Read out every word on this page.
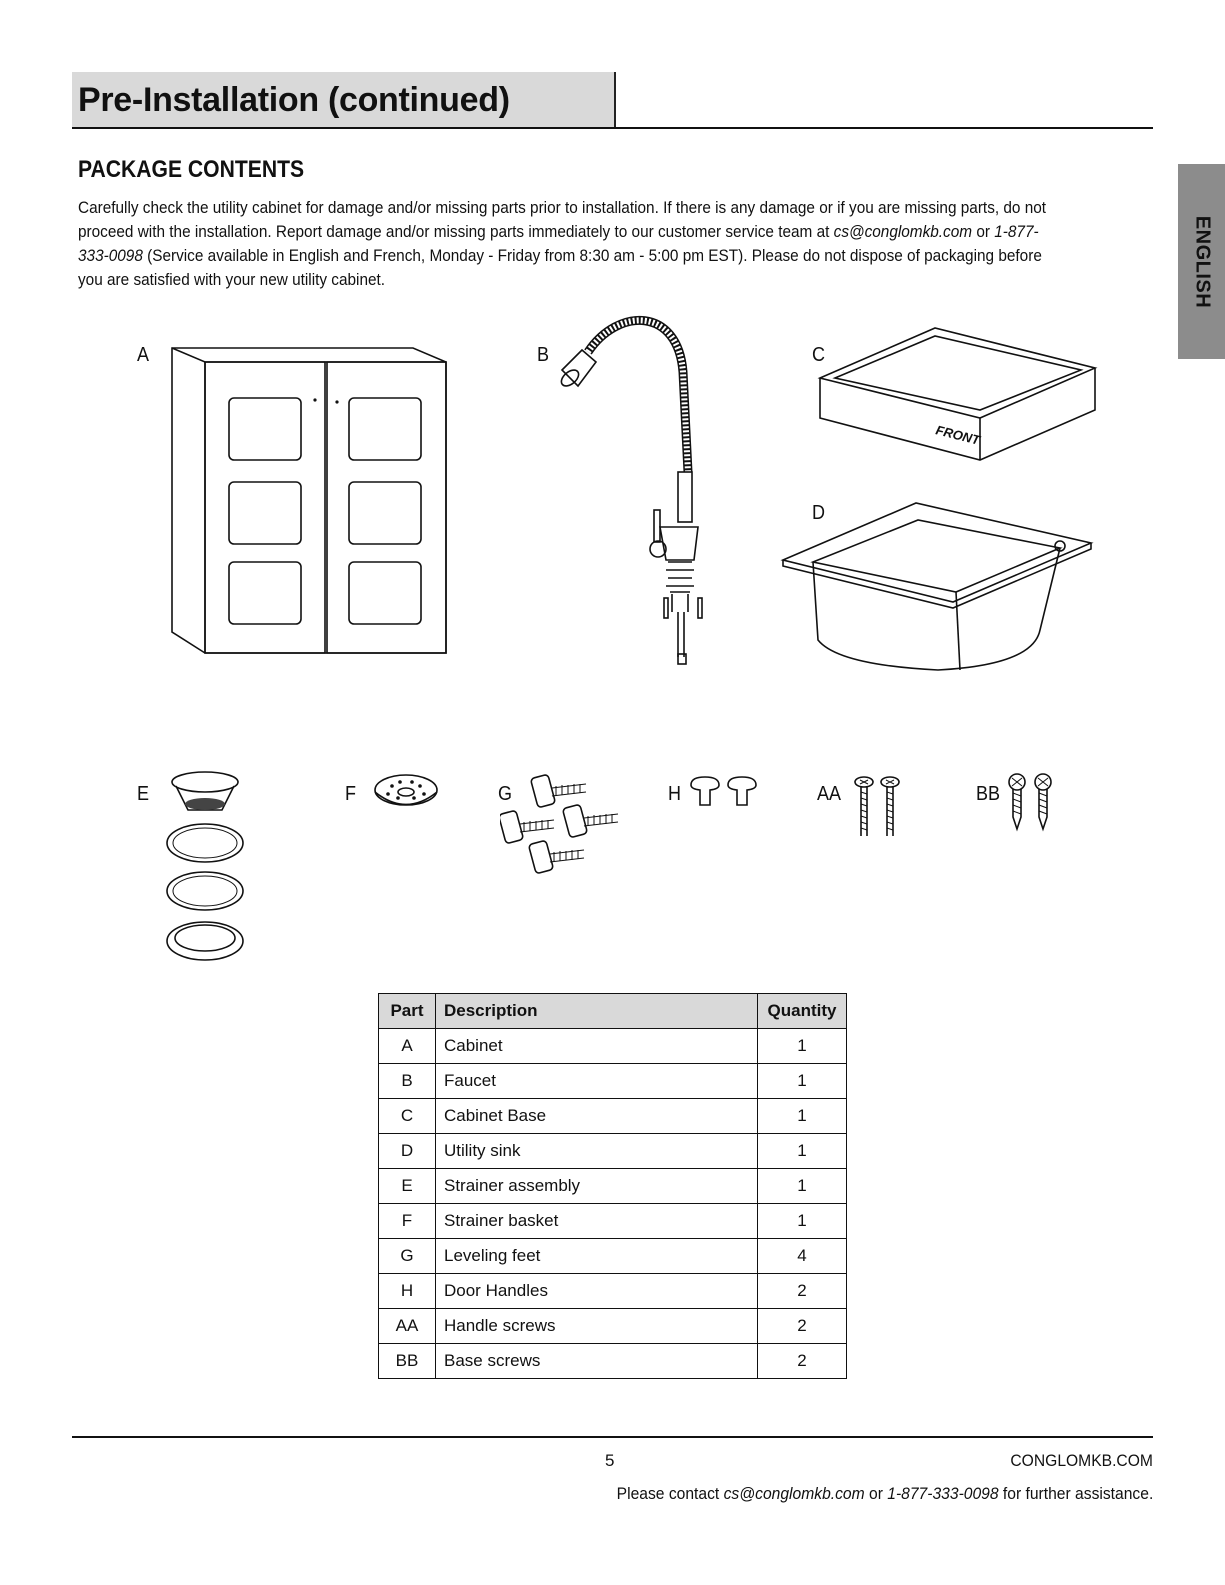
Pre-Installation (continued)
ENGLISH
PACKAGE CONTENTS
Carefully check the utility cabinet for damage and/or missing parts prior to installation. If there is any damage or if you are missing parts, do not proceed with the installation. Report damage and/or missing parts immediately to our customer service team at cs@conglomkb.com or 1-877-333-0098 (Service available in English and French, Monday - Friday from 8:30 am - 5:00 pm EST). Please do not dispose of packaging before you are satisfied with your new utility cabinet.
A	B	C
D
E	F	G	H	AA	BB
FRONT
Part	Description	Quantity
A	Cabinet	1
B	Faucet	1
C	Cabinet Base	1
D	Utility sink	1
E	Strainer assembly	1
F	Strainer basket	1
G	Leveling feet	4
H	Door Handles	2
AA	Handle screws	2
BB	Base screws	2
5	CONGLOMKB.COM
Please contact cs@conglomkb.com or 1-877-333-0098 for further assistance.
